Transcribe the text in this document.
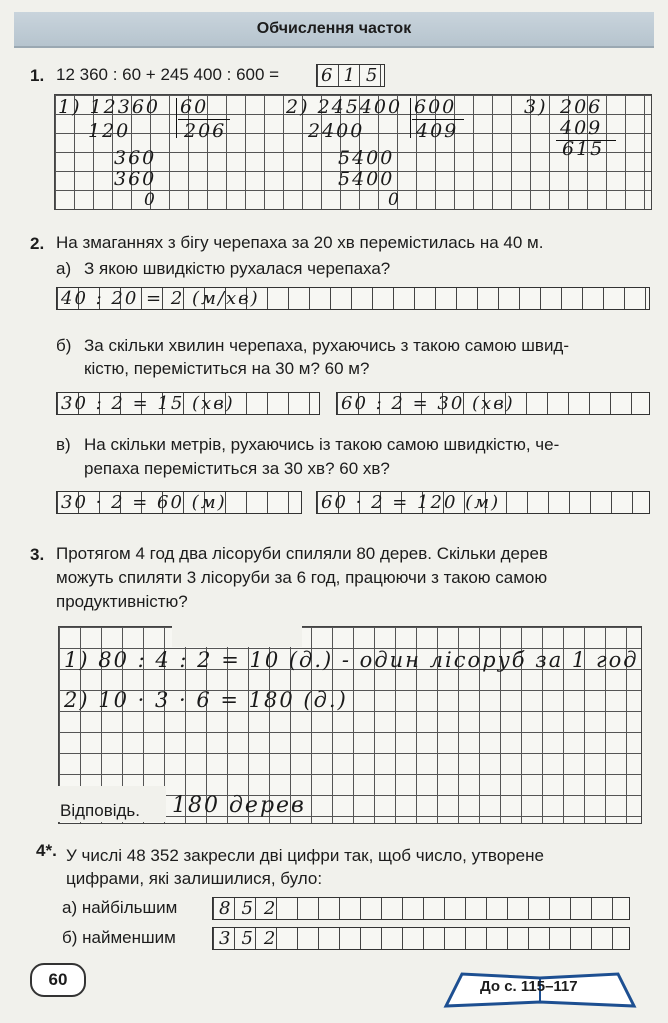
Обчислення часток
1. 12 360 : 60 + 245 400 : 600 = 615
1) 12360 60
206
120
360
360
0
2) 245400 600
409
2400
5400
5400
0
3) 206
409
615
2. На змаганнях з бігу черепаха за 20 хв перемістилась на 40 м.
а) З якою швидкістю рухалася черепаха?
40 : 20 = 2 (м/хв)
б) За скільки хвилин черепаха, рухаючись з такою самою швид-
кістю, переміститься на 30 м? 60 м?
30 : 2 = 15 (хв)	60 : 2 = 30 (хв)
в) На скільки метрів, рухаючись із такою самою швидкістю, че-
репаха переміститься за 30 хв? 60 хв?
30 · 2 = 60 (м)	60 · 2 = 120 (м)
3. Протягом 4 год два лісоруби спиляли 80 дерев. Скільки дерев
можуть спиляти 3 лісоруби за 6 год, працюючи з такою самою
продуктивністю?
1) 80 : 4 : 2 = 10 (д.) - один лісоруб за 1 год
2) 10 · 3 · 6 = 180 (д.)
Відповідь. 180 дерев
4*. У числі 48 352 закресли дві цифри так, щоб число, утворене
цифрами, які залишилися, було:
а) найбільшим	852
б) найменшим	352
60	До с. 115–117
